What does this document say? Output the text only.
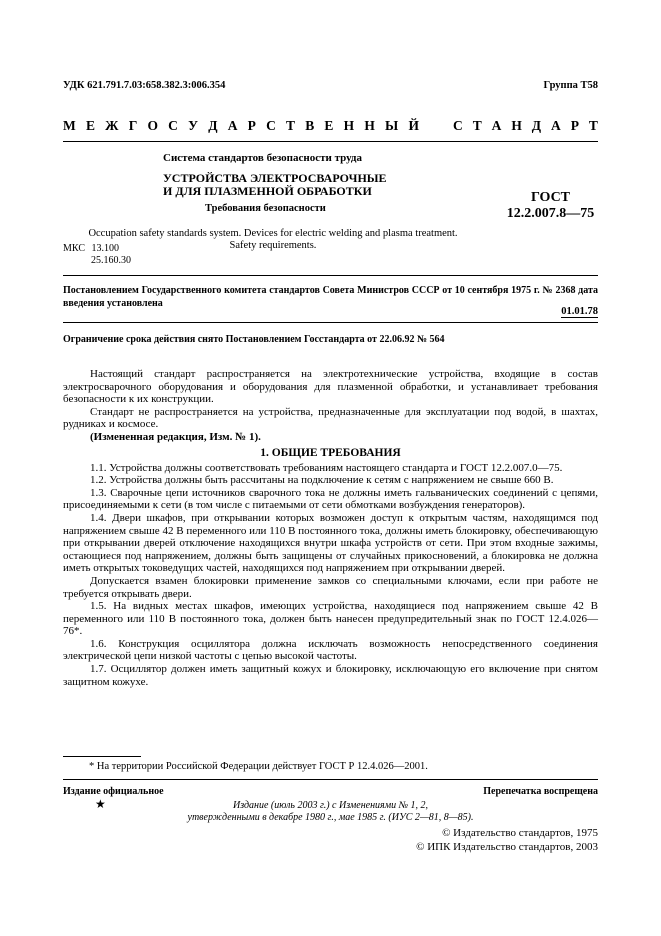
УДК 621.791.7.03:658.382.3:006.354	Группа Т58
М Е Ж Г О С У Д А Р С Т В Е Н Н Ы Й	С Т А Н Д А Р Т
Система стандартов безопасности труда
УСТРОЙСТВА ЭЛЕКТРОСВАРОЧНЫЕ
И ДЛЯ ПЛАЗМЕННОЙ ОБРАБОТКИ
Требования безопасности
ГОСТ
12.2.007.8—75
Occupation safety standards system. Devices for electric welding and plasma treatment.
Safety requirements.
МКС 13.100
25.160.30
Постановлением Государственного комитета стандартов Совета Министров СССР от 10 сентября 1975 г. № 2368 дата введения установлена
01.01.78
Ограничение срока действия снято Постановлением Госстандарта от 22.06.92 № 564

Настоящий стандарт распространяется на электротехнические устройства, входящие в состав электросварочного оборудования и оборудования для плазменной обработки, и устанавливает требования безопасности к их конструкции.

Стандарт не распространяется на устройства, предназначенные для эксплуатации под водой, в шахтах, рудниках и космосе.

(Измененная редакция, Изм. № 1).

1. ОБЩИЕ ТРЕБОВАНИЯ

1.1. Устройства должны соответствовать требованиям настоящего стандарта и ГОСТ 12.2.007.0—75.

1.2. Устройства должны быть рассчитаны на подключение к сетям с напряжением не свыше 660 В.

1.3. Сварочные цепи источников сварочного тока не должны иметь гальванических соединений с цепями, присоединяемыми к сети (в том числе с питаемыми от сети обмотками возбуждения генераторов).

1.4. Двери шкафов, при открывании которых возможен доступ к открытым частям, находящимся под напряжением свыше 42 В переменного или 110 В постоянного тока, должны иметь блокировку, обеспечивающую при открывании дверей отключение находящихся внутри шкафа устройств от сети. При этом входные зажимы, остающиеся под напряжением, должны быть защищены от случайных прикосновений, а блокировка не должна иметь открытых токоведущих частей, находящихся под напряжением при открывании дверей.

Допускается взамен блокировки применение замков со специальными ключами, если при работе не требуется открывать двери.

1.5. На видных местах шкафов, имеющих устройства, находящиеся под напряжением свыше 42 В переменного или 110 В постоянного тока, должен быть нанесен предупредительный знак по ГОСТ 12.4.026—76*.

1.6. Конструкция осциллятора должна исключать возможность непосредственного соединения электрической цепи низкой частоты с цепью высокой частоты.

1.7. Осциллятор должен иметь защитный кожух и блокировку, исключающую его включение при снятом защитном кожухе.

* На территории Российской Федерации действует ГОСТ Р 12.4.026—2001.
Издание официальное	Перепечатка воспрещена
★	Издание (июль 2003 г.) с Изменениями № 1, 2,
утвержденными в декабре 1980 г., мае 1985 г. (ИУС 2—81, 8—85).
© Издательство стандартов, 1975
© ИПК Издательство стандартов, 2003
